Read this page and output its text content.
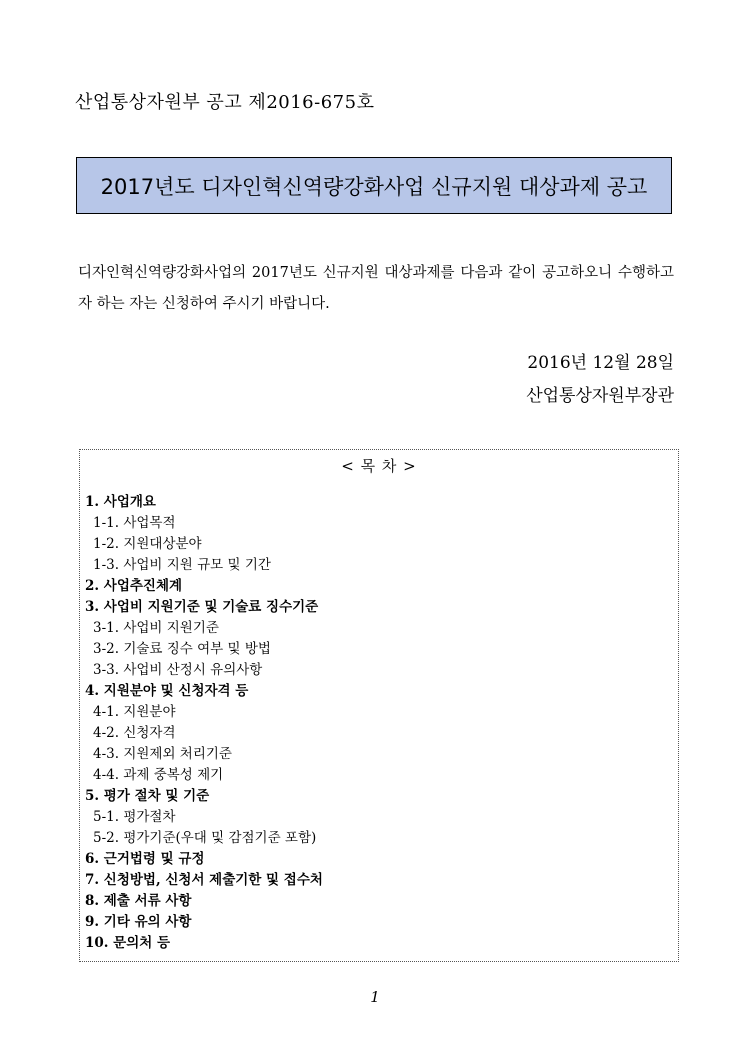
산업통상자원부 공고 제2016-675호
2017년도 디자인혁신역량강화사업 신규지원 대상과제 공고
디자인혁신역량강화사업의 2017년도 신규지원 대상과제를 다음과 같이 공고하오니 수행하고자 하는 자는 신청하여 주시기 바랍니다.
2016년 12월 28일
산업통상자원부장관
< 목 차 >
1. 사업개요
1-1. 사업목적
1-2. 지원대상분야
1-3. 사업비 지원 규모 및 기간
2. 사업추진체계
3. 사업비 지원기준 및 기술료 징수기준
3-1. 사업비 지원기준
3-2. 기술료 징수 여부 및 방법
3-3. 사업비 산정시 유의사항
4. 지원분야 및 신청자격 등
4-1. 지원분야
4-2. 신청자격
4-3. 지원제외 처리기준
4-4. 과제 중복성 제기
5. 평가 절차 및 기준
5-1. 평가절차
5-2. 평가기준(우대 및 감점기준 포함)
6. 근거법령 및 규정
7. 신청방법, 신청서 제출기한 및 접수처
8. 제출 서류 사항
9. 기타 유의 사항
10. 문의처 등
1
